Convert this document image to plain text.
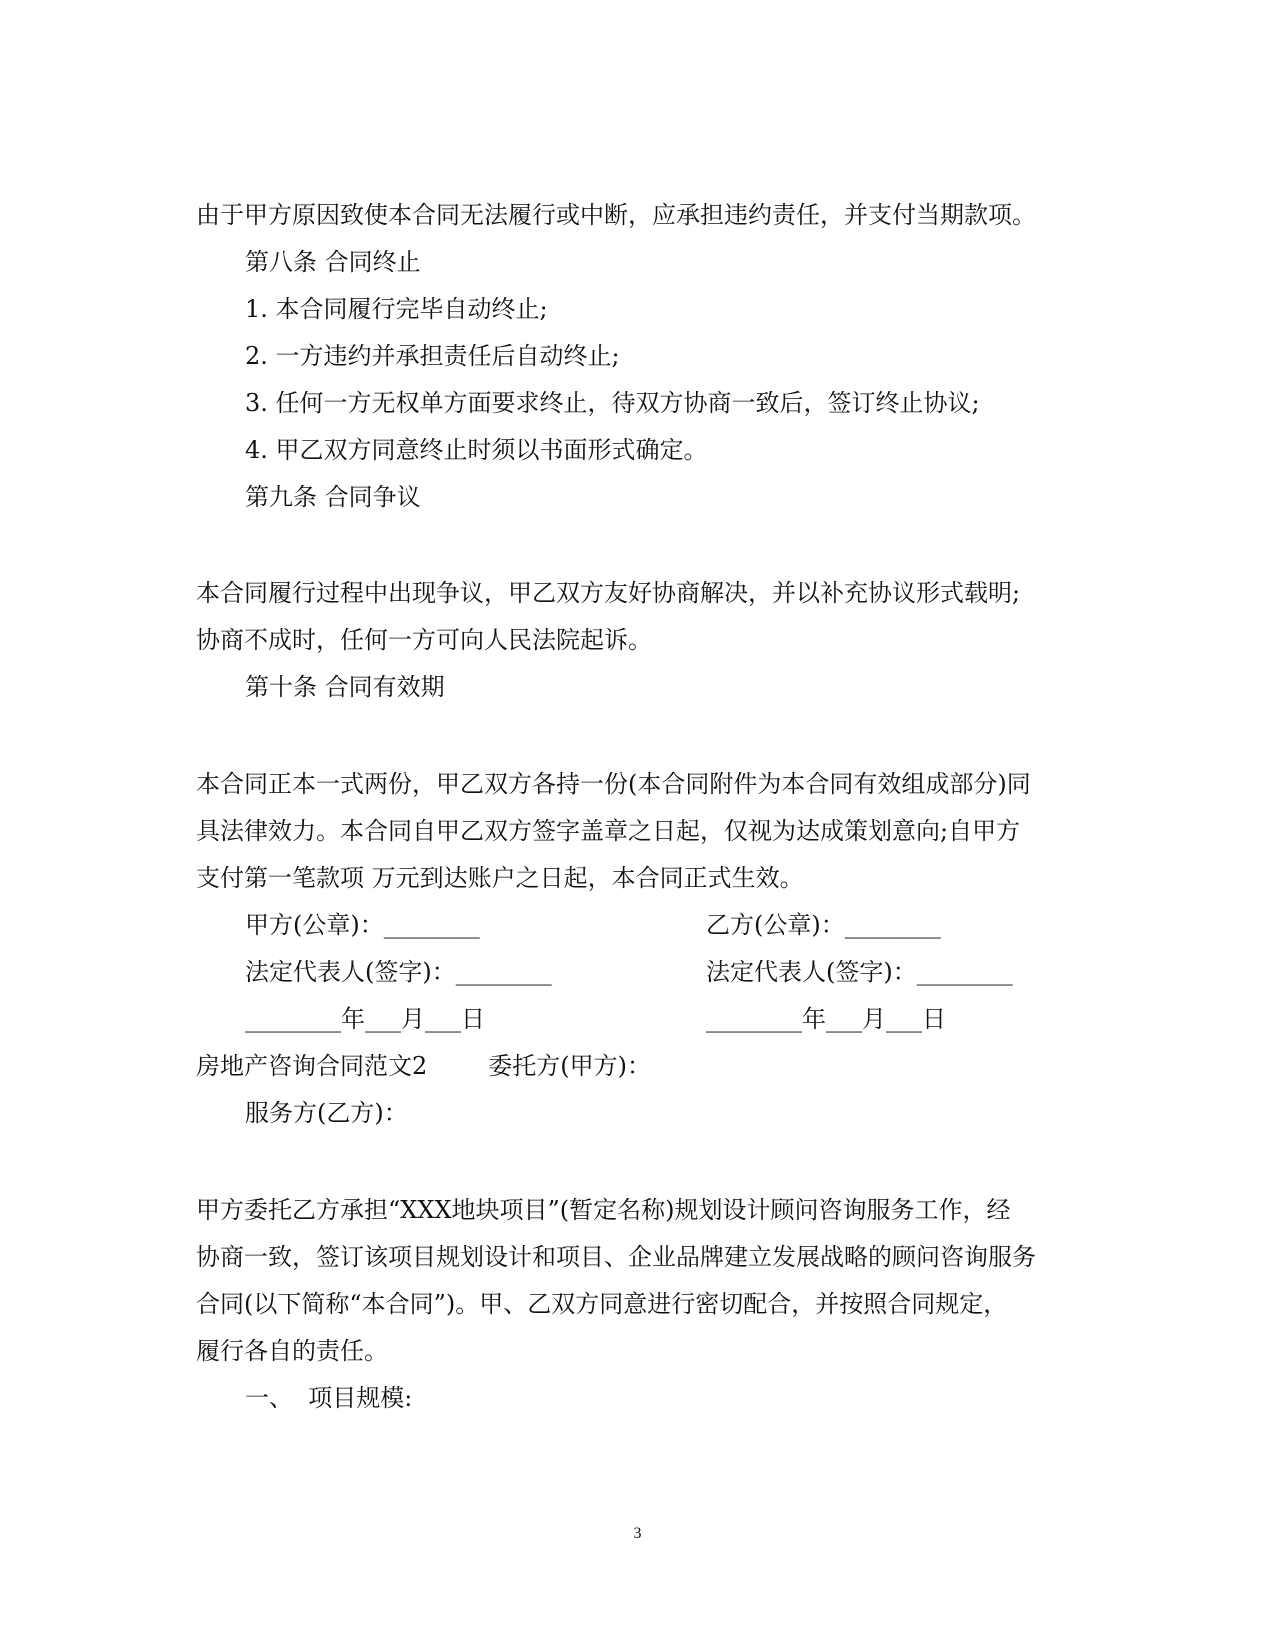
由于甲方原因致使本合同无法履行或中断，应承担违约责任，并支付当期款项。
第八条 合同终止
1. 本合同履行完毕自动终止;
2. 一方违约并承担责任后自动终止;
3. 任何一方无权单方面要求终止，待双方协商一致后，签订终止协议;
4. 甲乙双方同意终止时须以书面形式确定。
第九条 合同争议
本合同履行过程中出现争议，甲乙双方友好协商解决，并以补充协议形式载明;
协商不成时，任何一方可向人民法院起诉。
第十条 合同有效期
本合同正本一式两份，甲乙双方各持一份(本合同附件为本合同有效组成部分)同
具法律效力。本合同自甲乙双方签字盖章之日起，仅视为达成策划意向;自甲方
支付第一笔款项 万元到达账户之日起，本合同正式生效。
甲方(公章)：________	乙方(公章)：________
法定代表人(签字)：________	法定代表人(签字)：________
________年___月___日	________年___月___日
房地产咨询合同范文2        委托方(甲方)：
服务方(乙方)：
甲方委托乙方承担“XXX地块项目”(暂定名称)规划设计顾问咨询服务工作，经
协商一致，签订该项目规划设计和项目、企业品牌建立发展战略的顾问咨询服务
合同(以下简称“本合同”)。甲、乙双方同意进行密切配合，并按照合同规定，
履行各自的责任。
一、  项目规模:
3
